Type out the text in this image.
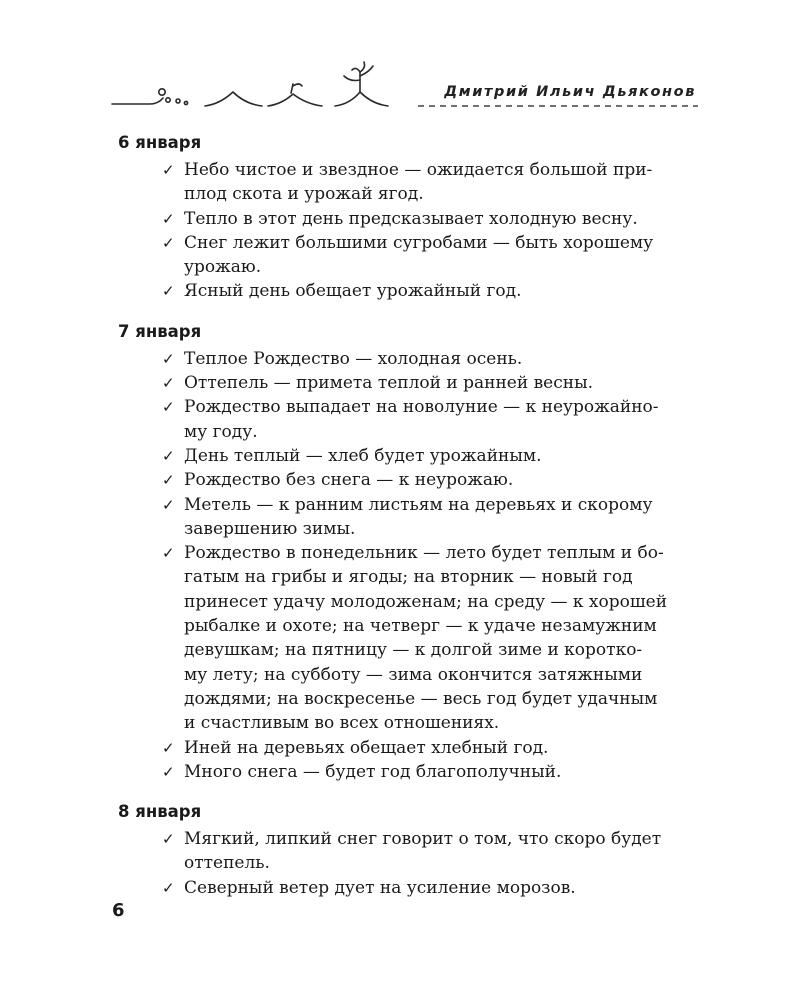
Дмитрий Ильич Дьяконов
6 января
✓ Небо чистое и звездное — ожидается большой при-
плод скота и урожай ягод.
✓ Тепло в этот день предсказывает холодную весну.
✓ Снег лежит большими сугробами — быть хорошему
урожаю.
✓ Ясный день обещает урожайный год.
7 января
✓ Теплое Рождество — холодная осень.
✓ Оттепель — примета теплой и ранней весны.
✓ Рождество выпадает на новолуние — к неурожайно-
му году.
✓ День теплый — хлеб будет урожайным.
✓ Рождество без снега — к неурожаю.
✓ Метель — к ранним листьям на деревьях и скорому
завершению зимы.
✓ Рождество в понедельник — лето будет теплым и бо-
гатым на грибы и ягоды; на вторник — новый год
принесет удачу молодоженам; на среду — к хорошей
рыбалке и охоте; на четверг — к удаче незамужним
девушкам; на пятницу — к долгой зиме и коротко-
му лету; на субботу — зима окончится затяжными
дождями; на воскресенье — весь год будет удачным
и счастливым во всех отношениях.
✓ Иней на деревьях обещает хлебный год.
✓ Много снега — будет год благополучный.
8 января
✓ Мягкий, липкий снег говорит о том, что скоро будет
оттепель.
✓ Северный ветер дует на усиление морозов.
6
